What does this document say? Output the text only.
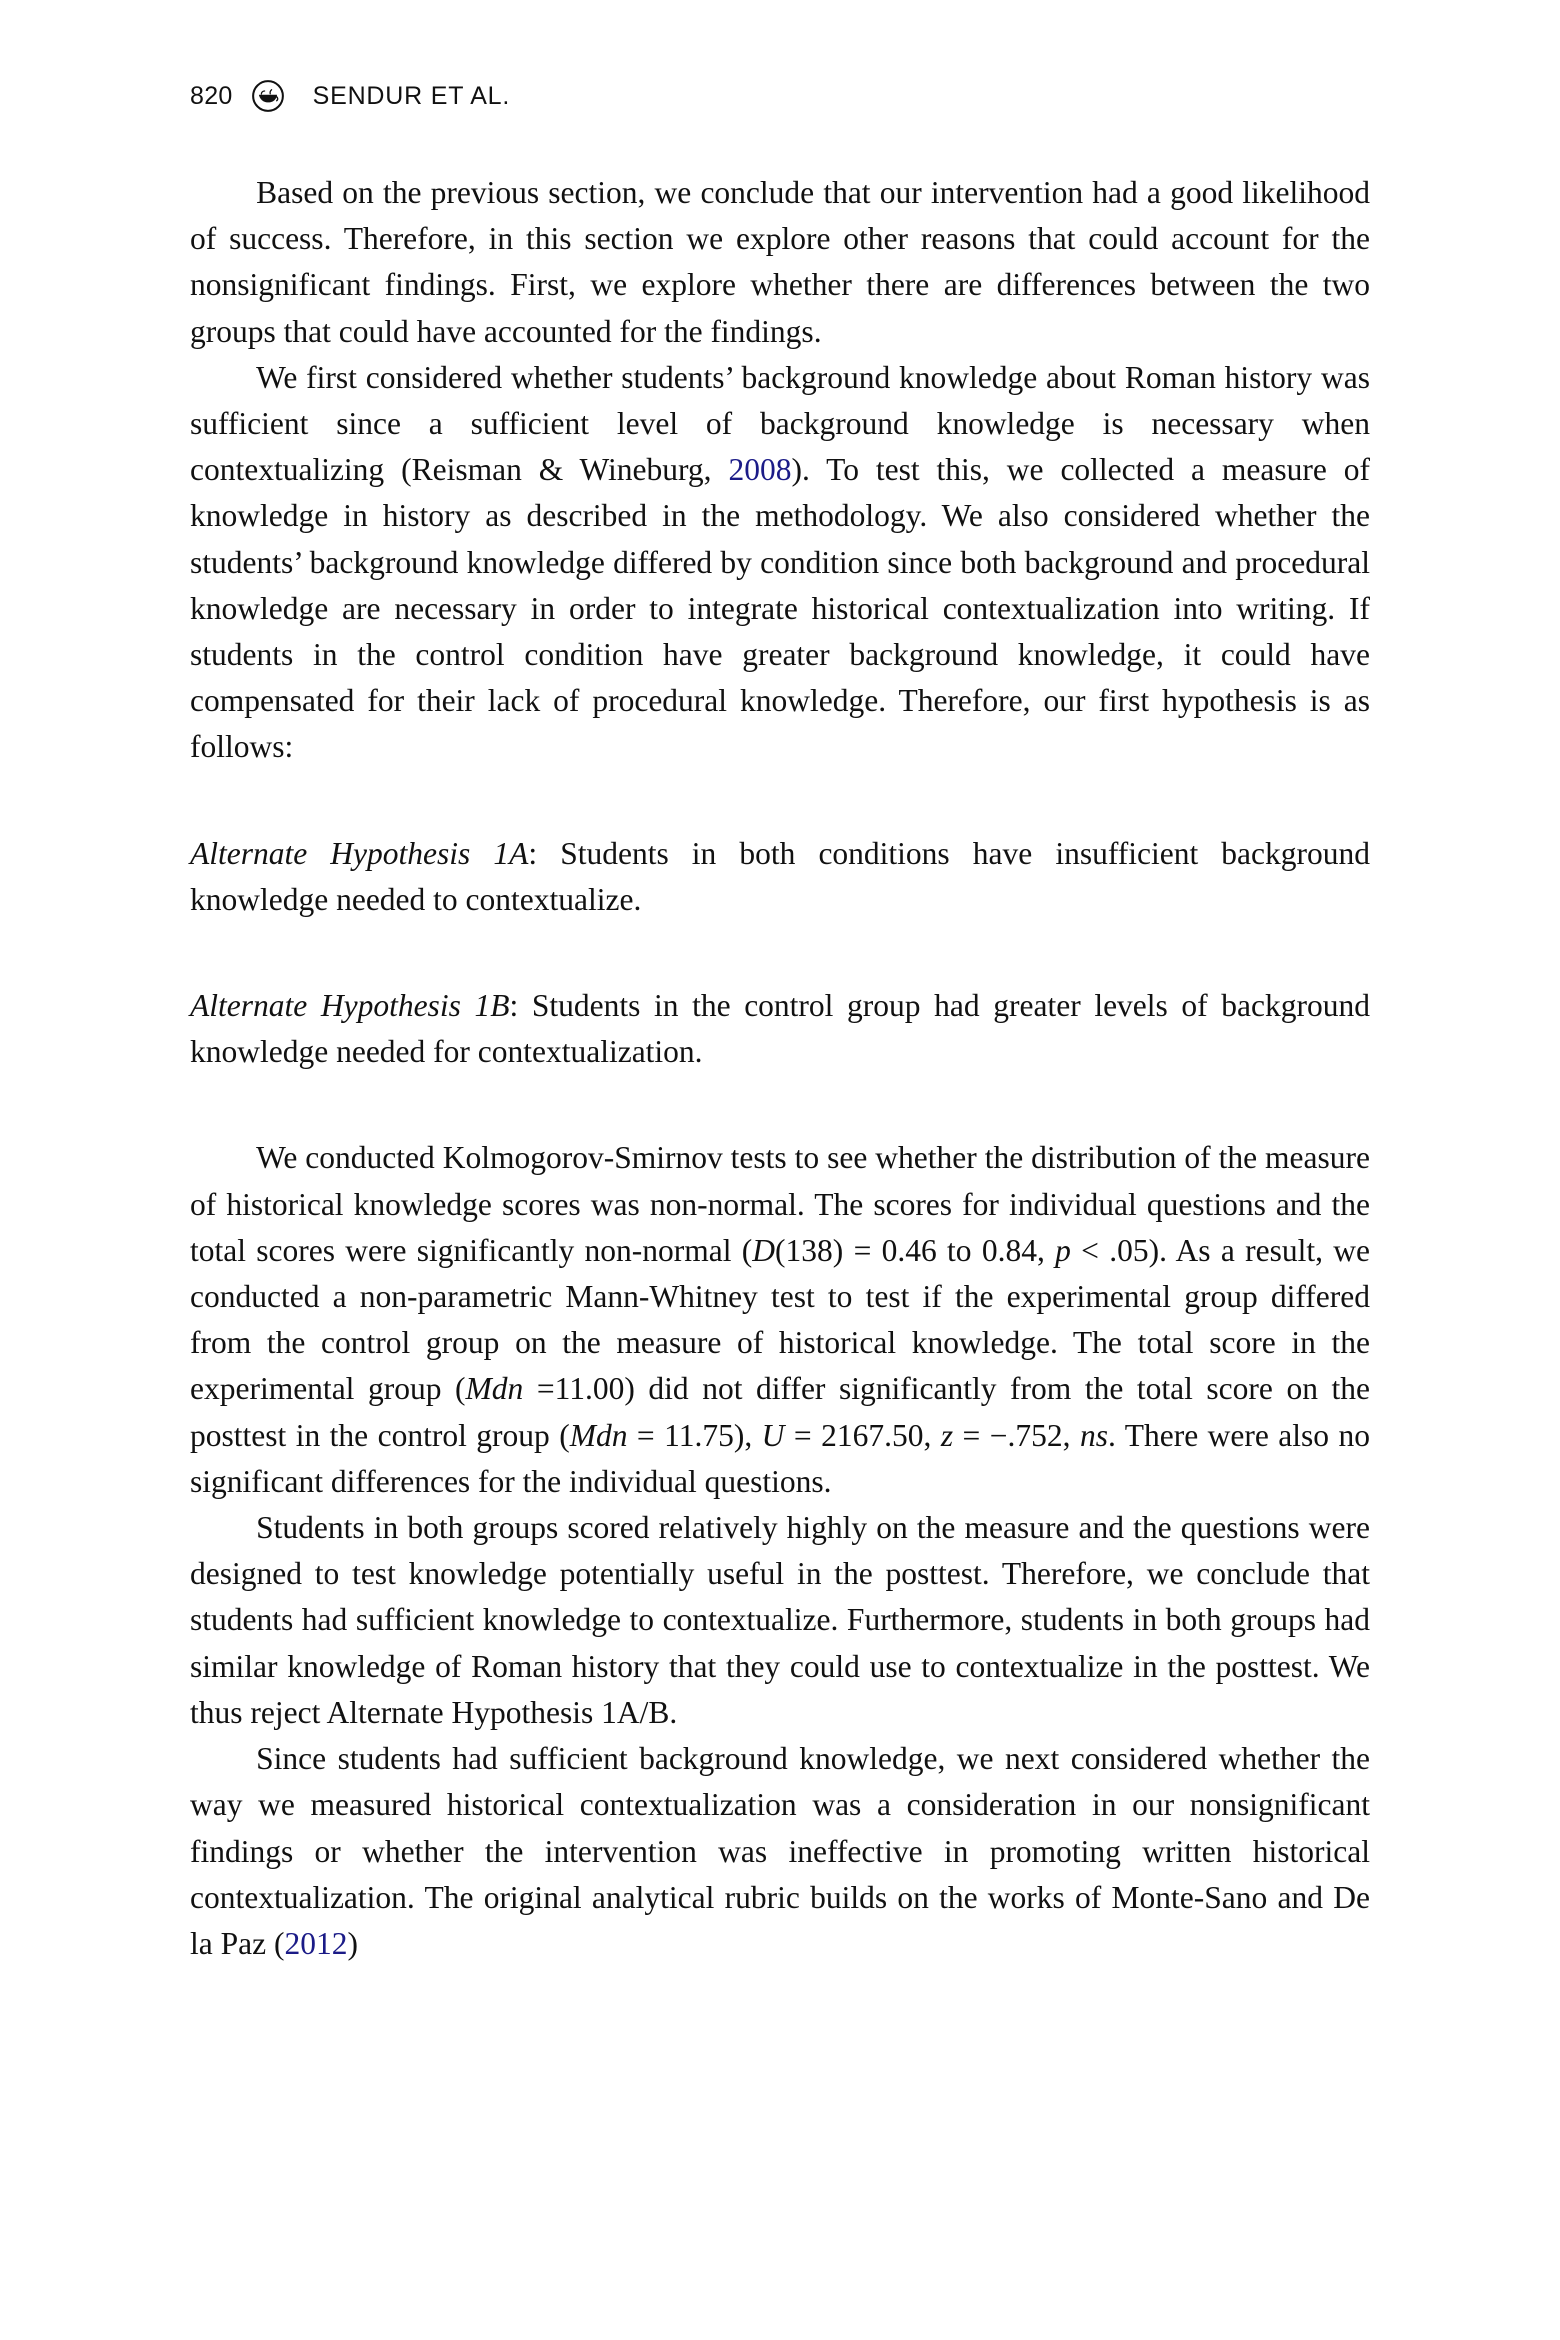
820	SENDUR ET AL.

Based on the previous section, we conclude that our intervention had a good likelihood of success. Therefore, in this section we explore other reasons that could account for the nonsignificant findings. First, we explore whether there are differences between the two groups that could have accounted for the findings.

We first considered whether students’ background knowledge about Roman history was sufficient since a sufficient level of background knowledge is necessary when contextualizing (Reisman & Wineburg, 2008). To test this, we collected a measure of knowledge in history as described in the methodology. We also considered whether the students’ background knowledge differed by condition since both background and procedural knowledge are necessary in order to integrate historical contextualization into writing. If students in the control condition have greater background knowledge, it could have compensated for their lack of procedural knowledge. Therefore, our first hypothesis is as follows:

Alternate Hypothesis 1A: Students in both conditions have insufficient background knowledge needed to contextualize.

Alternate Hypothesis 1B: Students in the control group had greater levels of background knowledge needed for contextualization.

We conducted Kolmogorov-Smirnov tests to see whether the distribution of the measure of historical knowledge scores was non-normal. The scores for individual questions and the total scores were significantly non-normal (D(138) = 0.46 to 0.84, p < .05). As a result, we conducted a non-parametric Mann-Whitney test to test if the experimental group differed from the control group on the measure of historical knowledge. The total score in the experimental group (Mdn =11.00) did not differ significantly from the total score on the posttest in the control group (Mdn = 11.75), U = 2167.50, z = −.752, ns. There were also no significant differences for the individual questions.

Students in both groups scored relatively highly on the measure and the questions were designed to test knowledge potentially useful in the posttest. Therefore, we conclude that students had sufficient knowledge to contextualize. Furthermore, students in both groups had similar knowledge of Roman history that they could use to contextualize in the posttest. We thus reject Alternate Hypothesis 1A/B.

Since students had sufficient background knowledge, we next considered whether the way we measured historical contextualization was a consideration in our nonsignificant findings or whether the intervention was ineffective in promoting written historical contextualization. The original analytical rubric builds on the works of Monte-Sano and De la Paz (2012)
